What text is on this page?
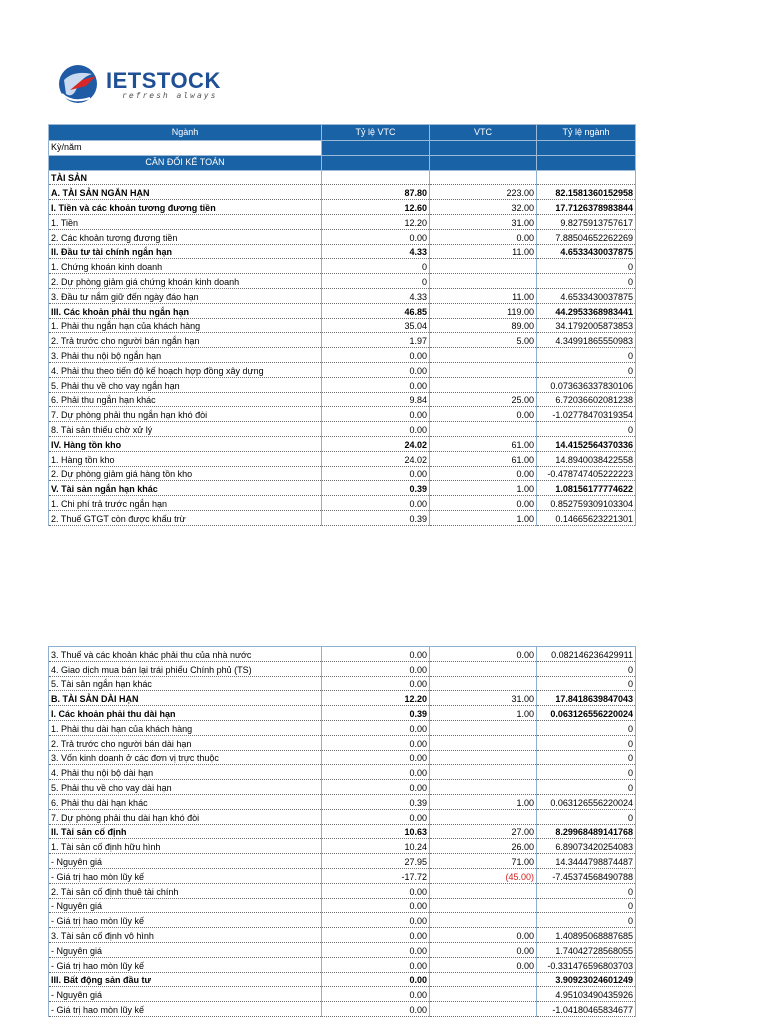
IETSTOCK
refresh always
Ngành	Tỷ lệ VTC	VTC	Tỷ lệ ngành
Kỳ/năm			
CÂN ĐỐI KẾ TOÁN			
TÀI SẢN			
A. TÀI SẢN NGẮN HẠN	87.80	223.00	82.1581360152958
I. Tiền và các khoản tương đương tiền	12.60	32.00	17.7126378983844
1. Tiền	12.20	31.00	9.8275913757617
2. Các khoản tương đương tiền	0.00	0.00	7.88504652262269
II. Đầu tư tài chính ngắn hạn	4.33	11.00	4.6533430037875
1. Chứng khoán kinh doanh	0		0
2. Dự phòng giảm giá chứng khoán kinh doanh	0		0
3. Đầu tư nắm giữ đến ngày đáo hạn	4.33	11.00	4.6533430037875
III. Các khoản phải thu ngắn hạn	46.85	119.00	44.2953368983441
1. Phải thu ngắn hạn của khách hàng	35.04	89.00	34.1792005873853
2. Trả trước cho người bán ngắn hạn	1.97	5.00	4.34991865550983
3. Phải thu nội bộ ngắn hạn	0.00		0
4. Phải thu theo tiến độ kế hoạch hợp đồng xây dựng	0.00		0
5. Phải thu về cho vay ngắn hạn	0.00		0.073636337830106
6. Phải thu ngắn hạn khác	9.84	25.00	6.72036602081238
7. Dự phòng phải thu ngắn hạn khó đòi	0.00	0.00	-1.02778470319354
8. Tài sản thiếu chờ xử lý	0.00		0
IV. Hàng tồn kho	24.02	61.00	14.4152564370336
1. Hàng tồn kho	24.02	61.00	14.8940038422558
2. Dự phòng giảm giá hàng tồn kho	0.00	0.00	-0.478747405222223
V. Tài sản ngắn hạn khác	0.39	1.00	1.08156177774622
1. Chi phí trả trước ngắn hạn	0.00	0.00	0.852759309103304
2. Thuế GTGT còn được khấu trừ	0.39	1.00	0.14665623221301
3. Thuế và các khoản khác phải thu của nhà nước	0.00	0.00	0.082146236429911
4. Giao dịch mua bán lại trái phiếu Chính phủ (TS)	0.00		0
5. Tài sản ngắn hạn khác	0.00		0
B. TÀI SẢN DÀI HẠN	12.20	31.00	17.8418639847043
I. Các khoản phải thu dài hạn	0.39	1.00	0.063126556220024
1. Phải thu dài hạn của khách hàng	0.00		0
2. Trả trước cho người bán dài hạn	0.00		0
3. Vốn kinh doanh ở các đơn vị trực thuộc	0.00		0
4. Phải thu nội bộ dài hạn	0.00		0
5. Phải thu về cho vay dài hạn	0.00		0
6. Phải thu dài hạn khác	0.39	1.00	0.063126556220024
7. Dự phòng phải thu dài hạn khó đòi	0.00		0
II. Tài sản cố định	10.63	27.00	8.29968489141768
1. Tài sản cố định hữu hình	10.24	26.00	6.89073420254083
- Nguyên giá	27.95	71.00	14.3444798874487
- Giá trị hao mòn lũy kế	-17.72	(45.00)	-7.45374568490788
2. Tài sản cố định thuê tài chính	0.00		0
- Nguyên giá	0.00		0
- Giá trị hao mòn lũy kế	0.00		0
3. Tài sản cố định vô hình	0.00	0.00	1.40895068887685
- Nguyên giá	0.00	0.00	1.74042728568055
- Giá trị hao mòn lũy kế	0.00	0.00	-0.331476596803703
III. Bất động sản đầu tư	0.00		3.90923024601249
- Nguyên giá	0.00		4.95103490435926
- Giá trị hao mòn lũy kế	0.00		-1.04180465834677
